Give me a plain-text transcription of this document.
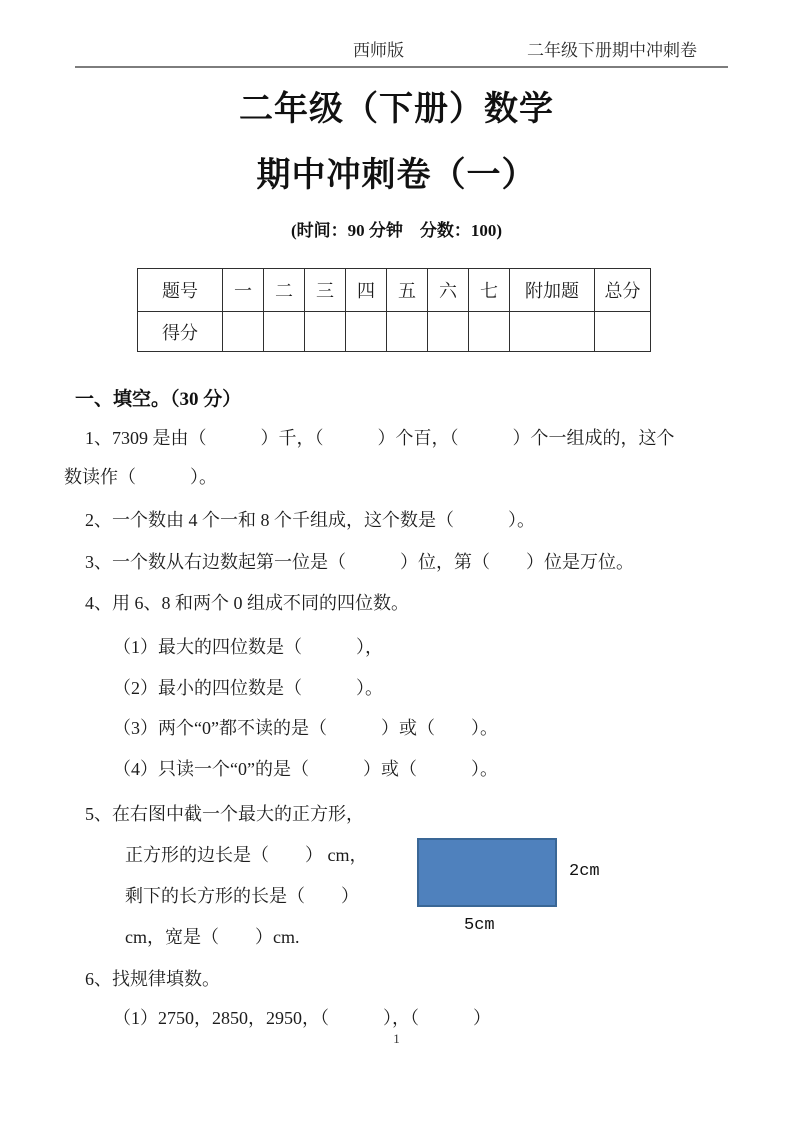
西师版	二年级下册期中冲刺卷
二年级（下册）数学
期中冲刺卷（一）
(时间：90 分钟　分数：100)
题号	一	二	三	四	五	六	七	附加题	总分
得分									
一、填空。（30 分）
1、7309 是由（　　　）千，（　　　）个百，（　　　）个一组成的，这个
数读作（　　　）。
2、一个数由 4 个一和 8 个千组成，这个数是（　　　）。
3、一个数从右边数起第一位是（　　　）位，第（　　）位是万位。
4、用 6、8 和两个 0 组成不同的四位数。
（1）最大的四位数是（　　　），
（2）最小的四位数是（　　　）。
（3）两个“0”都不读的是（　　　）或（　　）。
（4）只读一个“0”的是（　　　）或（　　　）。
5、在右图中截一个最大的正方形，
正方形的边长是（　　） cm，
剩下的长方形的长是（　　）
cm，宽是（　　）cm.
2cm
5cm
6、找规律填数。
（1）2750，2850，2950，（　　　），（　　　）
1
